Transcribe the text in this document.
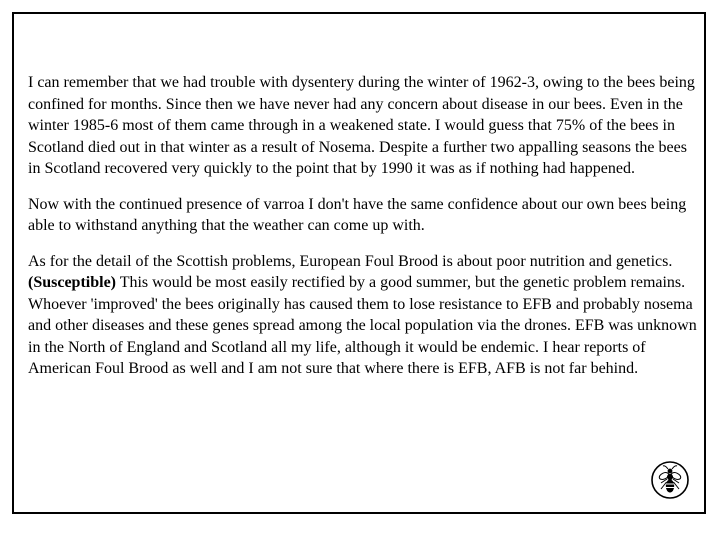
I can remember that we had trouble with dysentery during the winter of 1962-3, owing to the bees being confined for months. Since then we have never had any concern about disease in our bees. Even in the winter 1985-6 most of them came through in a weakened state. I would guess that 75% of the bees in Scotland died out in that winter as a result of Nosema. Despite a further two appalling seasons the bees in Scotland recovered very quickly to the point that by 1990 it was as if nothing had happened.

Now with the continued presence of varroa I don't have the same confidence about our own bees being able to withstand anything that the weather can come up with.

As for the detail of the Scottish problems, European Foul Brood is about poor nutrition and genetics. (Susceptible) This would be most easily rectified by a good summer, but the genetic problem remains. Whoever 'improved' the bees originally has caused them to lose resistance to EFB and probably nosema and other diseases and these genes spread among the local population via the drones. EFB was unknown in the North of England and Scotland all my life, although it would be endemic. I hear reports of American Foul Brood as well and I am not sure that where there is EFB, AFB is not far behind.
